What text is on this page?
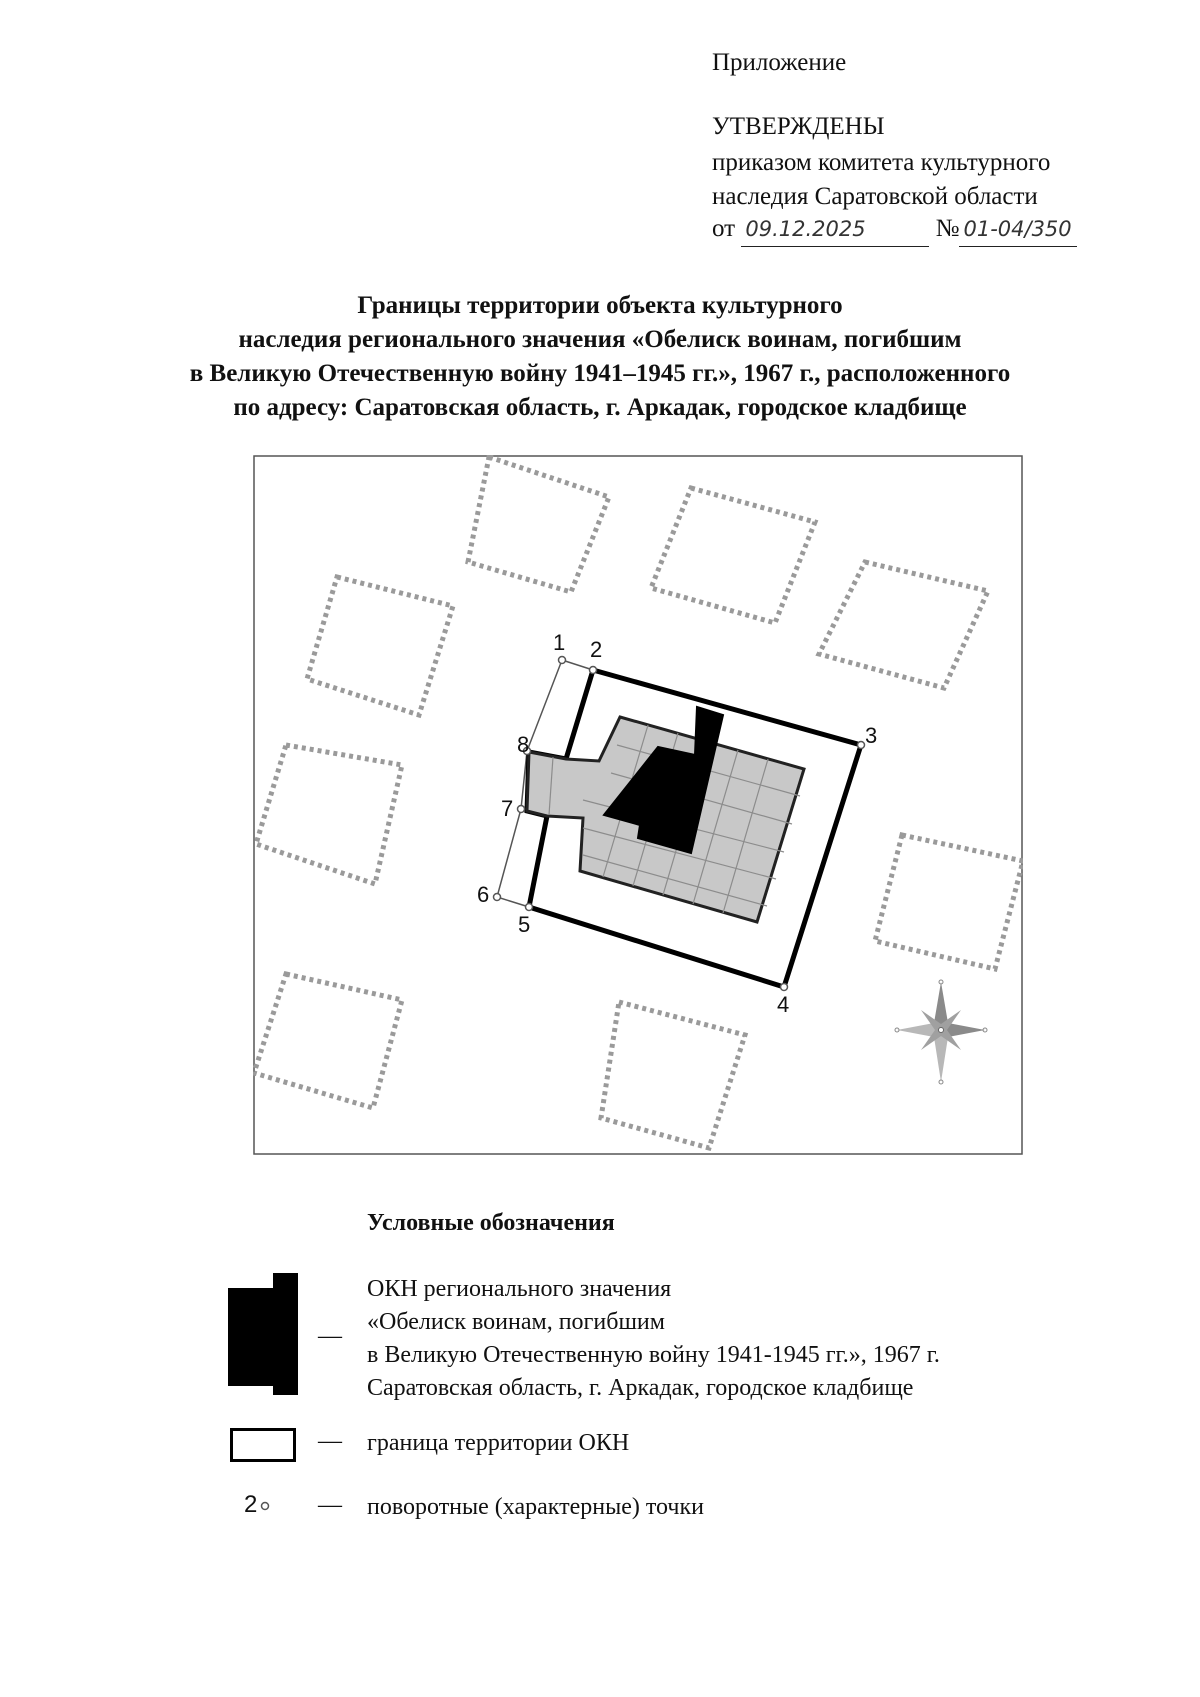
Приложение
УТВЕРЖДЕНЫ
приказом комитета культурного
наследия Саратовской области
от 09.12.2025	№ 01-04/350
Границы территории объекта культурного
наследия регионального значения «Обелиск воинам, погибшим
в Великую Отечественную войну 1941–1945 гг.», 1967 г., расположенного
по адресу: Саратовская область, г. Аркадак, городское кладбище
1 2
3
4
5
6
7
8
Условные обозначения
—
ОКН регионального значения
«Обелиск воинам, погибшим
в Великую Отечественную войну 1941-1945 гг.», 1967 г.
Саратовская область, г. Аркадак, городское кладбище
— граница территории ОКН
2	— поворотные (характерные) точки
